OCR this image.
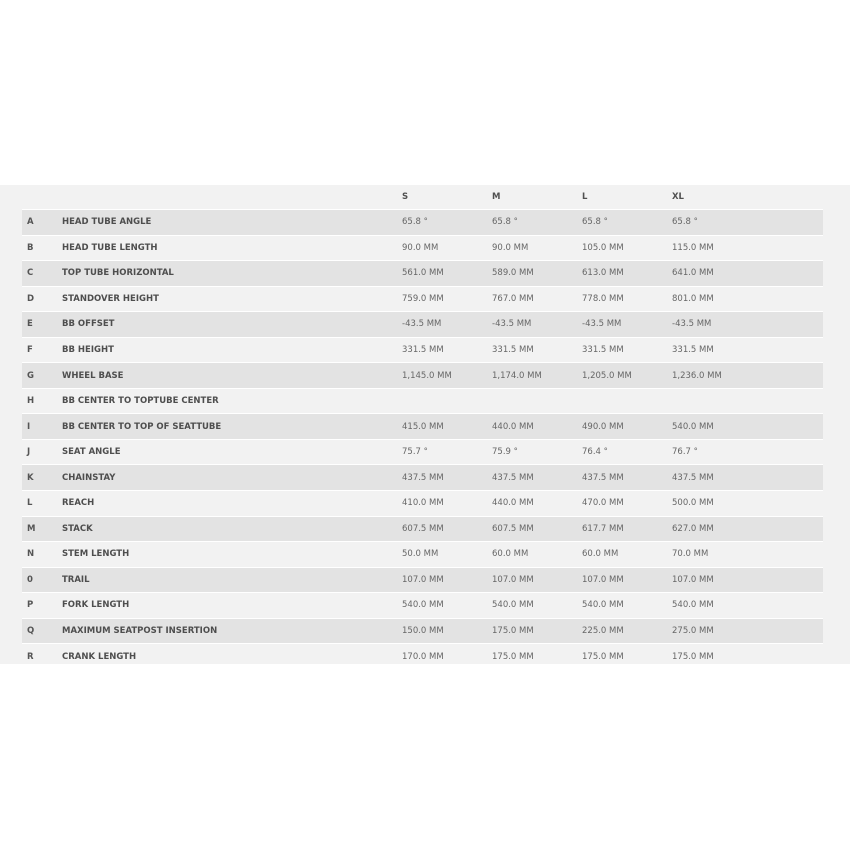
		S	M	L	XL
A	HEAD TUBE ANGLE	65.8 °	65.8 °	65.8 °	65.8 °
B	HEAD TUBE LENGTH	90.0 MM	90.0 MM	105.0 MM	115.0 MM
C	TOP TUBE HORIZONTAL	561.0 MM	589.0 MM	613.0 MM	641.0 MM
D	STANDOVER HEIGHT	759.0 MM	767.0 MM	778.0 MM	801.0 MM
E	BB OFFSET	-43.5 MM	-43.5 MM	-43.5 MM	-43.5 MM
F	BB HEIGHT	331.5 MM	331.5 MM	331.5 MM	331.5 MM
G	WHEEL BASE	1,145.0 MM	1,174.0 MM	1,205.0 MM	1,236.0 MM
H	BB CENTER TO TOPTUBE CENTER				
I	BB CENTER TO TOP OF SEATTUBE	415.0 MM	440.0 MM	490.0 MM	540.0 MM
J	SEAT ANGLE	75.7 °	75.9 °	76.4 °	76.7 °
K	CHAINSTAY	437.5 MM	437.5 MM	437.5 MM	437.5 MM
L	REACH	410.0 MM	440.0 MM	470.0 MM	500.0 MM
M	STACK	607.5 MM	607.5 MM	617.7 MM	627.0 MM
N	STEM LENGTH	50.0 MM	60.0 MM	60.0 MM	70.0 MM
0	TRAIL	107.0 MM	107.0 MM	107.0 MM	107.0 MM
P	FORK LENGTH	540.0 MM	540.0 MM	540.0 MM	540.0 MM
Q	MAXIMUM SEATPOST INSERTION	150.0 MM	175.0 MM	225.0 MM	275.0 MM
R	CRANK LENGTH	170.0 MM	175.0 MM	175.0 MM	175.0 MM
